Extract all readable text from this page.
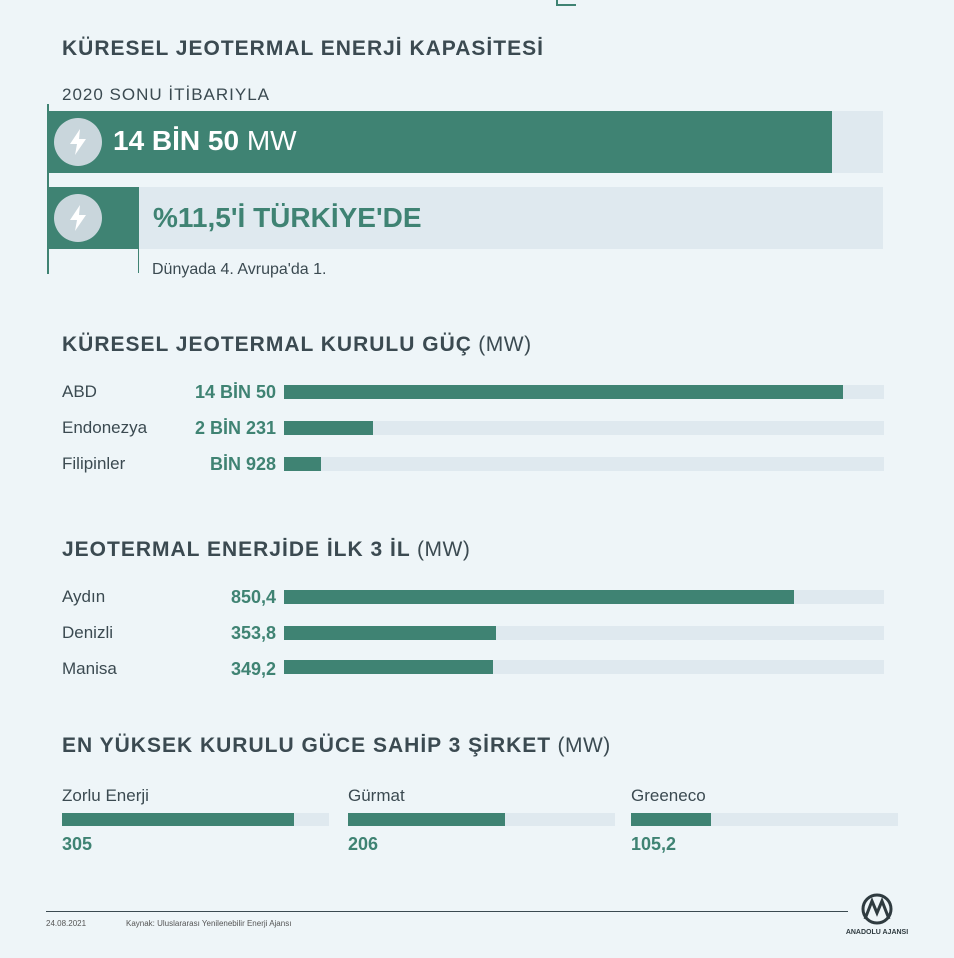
KÜRESEL JEOTERMAL ENERJİ KAPASİTESİ
2020 SONU İTİBARIYLA
14 BİN 50 MW
%11,5'İ TÜRKİYE'DE
Dünyada 4. Avrupa'da 1.
KÜRESEL JEOTERMAL KURULU GÜÇ (MW)
ABD	14 BİN 50
Endonezya	2 BİN 231
Filipinler	BİN 928
JEOTERMAL ENERJİDE İLK 3 İL (MW)
Aydın	850,4
Denizli	353,8
Manisa	349,2
EN YÜKSEK KURULU GÜCE SAHİP 3 ŞİRKET (MW)
Zorlu Enerji
305
Gürmat
206
Greeneco
105,2
24.08.2021	Kaynak: Uluslararası Yenilenebilir Enerji Ajansı
ANADOLU AJANSI
